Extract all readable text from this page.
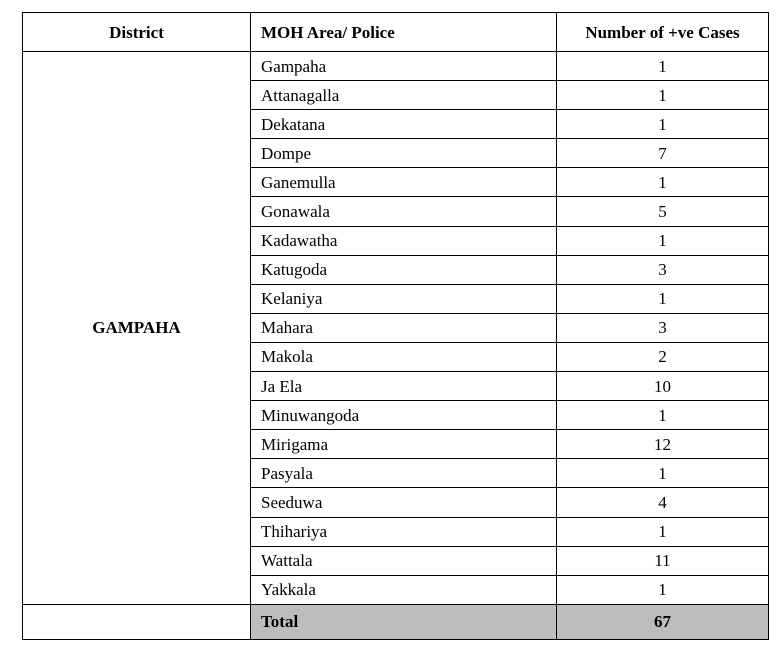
District	MOH Area/ Police	Number of +ve Cases
GAMPAHA	Gampaha	1
	Attanagalla	1
	Dekatana	1
	Dompe	7
	Ganemulla	1
	Gonawala	5
	Kadawatha	1
	Katugoda	3
	Kelaniya	1
	Mahara	3
	Makola	2
	Ja Ela	10
	Minuwangoda	1
	Mirigama	12
	Pasyala	1
	Seeduwa	4
	Thihariya	1
	Wattala	11
	Yakkala	1
	Total	67
